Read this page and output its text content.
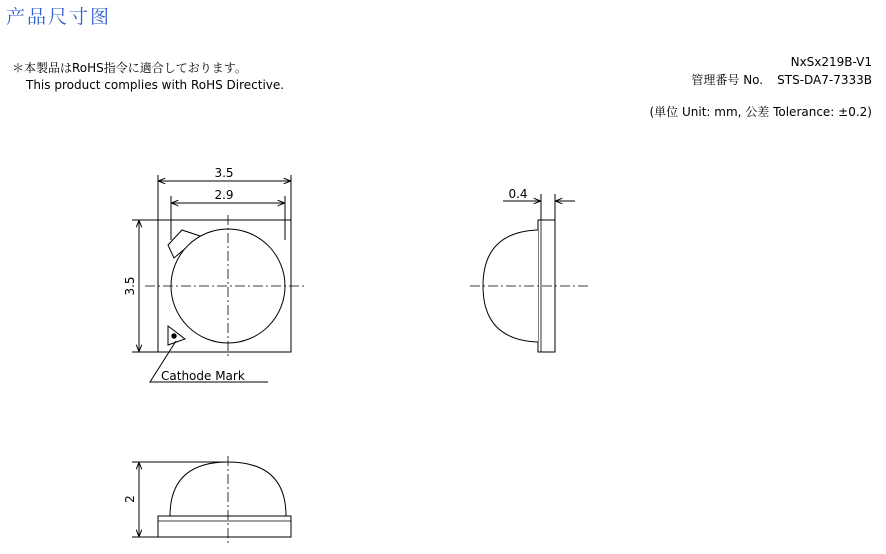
产品尺寸图
＊本製品はRoHS指令に適合しております。
This product complies with RoHS Directive.
NxSx219B-V1
管理番号 No. STS-DA7-7333B
(単位 Unit: mm, 公差 Tolerance: ±0.2)
3.5
2.9
3.5
Cathode Mark
0.4
2
